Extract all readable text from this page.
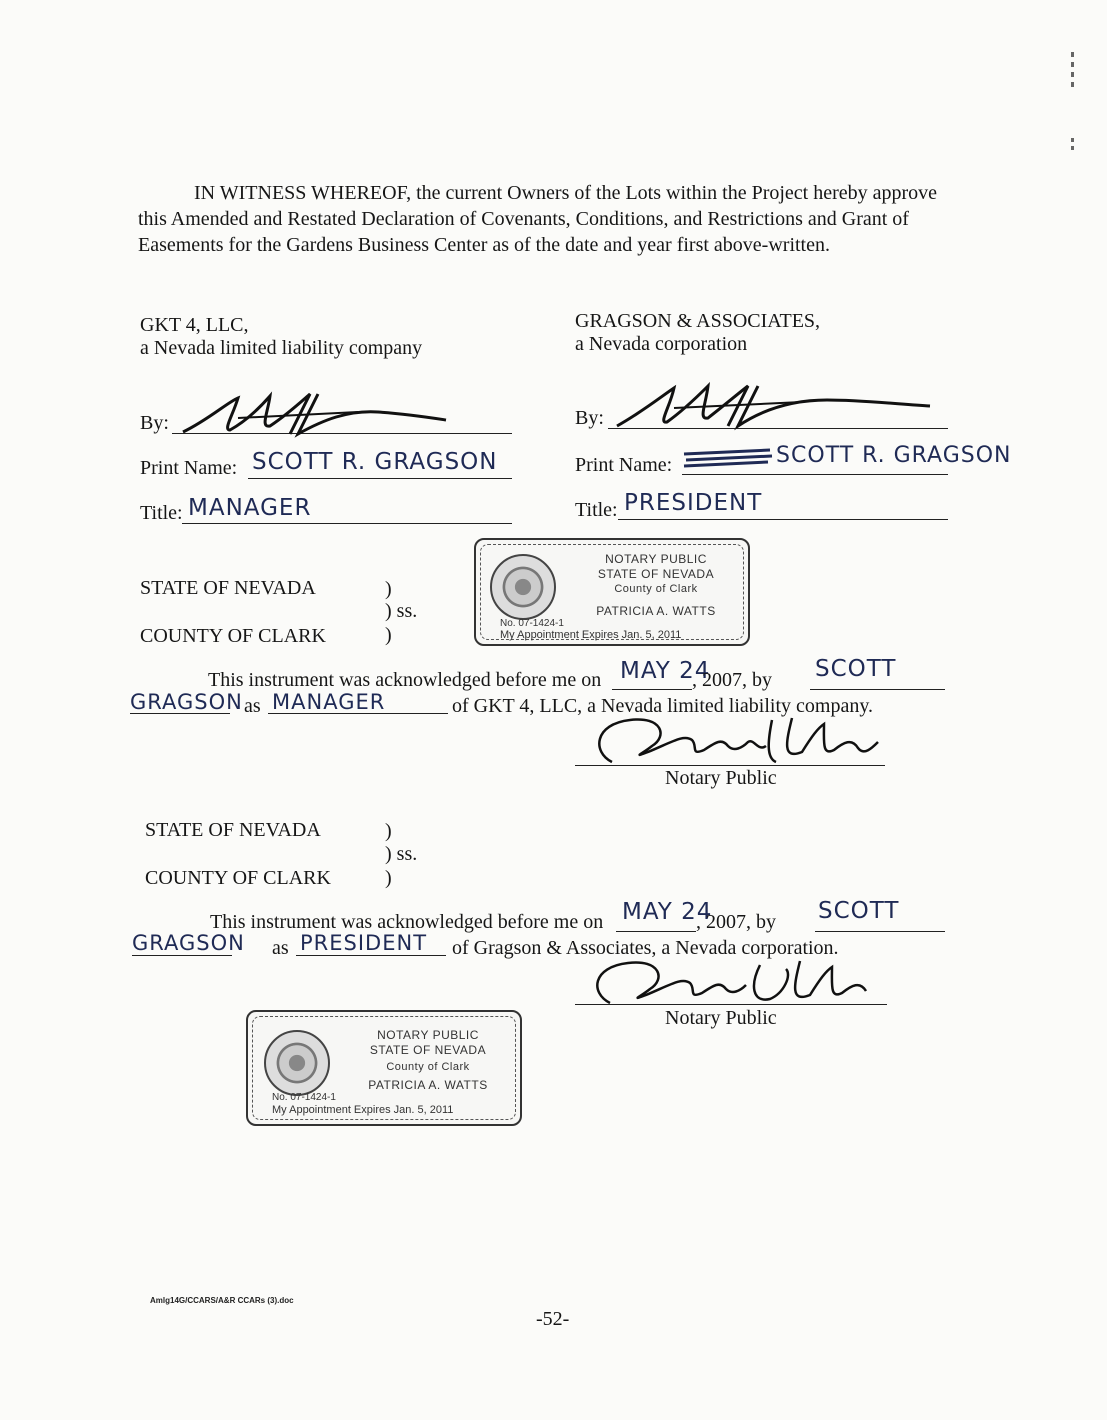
IN WITNESS WHEREOF, the current Owners of the Lots within the Project hereby approve this Amended and Restated Declaration of Covenants, Conditions, and Restrictions and Grant of Easements for the Gardens Business Center as of the date and year first above-written.
GKT 4, LLC,
a Nevada limited liability company
By:
Print Name: SCOTT R. GRAGSON
Title: MANAGER
GRAGSON & ASSOCIATES,
a Nevada corporation
By:
Print Name:	SCOTT R. GRAGSON
Title: PRESIDENT
NOTARY PUBLIC
STATE OF NEVADA
County of Clark
PATRICIA A. WATTS
No. 07-1424-1
My Appointment Expires Jan. 5, 2011
STATE OF NEVADA
COUNTY OF CLARK
)
) ss.
)
This instrument was acknowledged before me on MAY 24
, 2007, by SCOTT
GRAGSON as MANAGER	of GKT 4, LLC, a Nevada limited liability company.
Notary Public
STATE OF NEVADA
COUNTY OF CLARK
)
) ss.
)
This instrument was acknowledged before me on MAY 24
, 2007, by SCOTT
GRAGSON as PRESIDENT of Gragson & Associates, a Nevada corporation.
Notary Public
NOTARY PUBLIC
STATE OF NEVADA
County of Clark
PATRICIA A. WATTS
No. 07-1424-1
My Appointment Expires Jan. 5, 2011
Amlg14G/CCARS/A&R CCARs (3).doc
-52-
